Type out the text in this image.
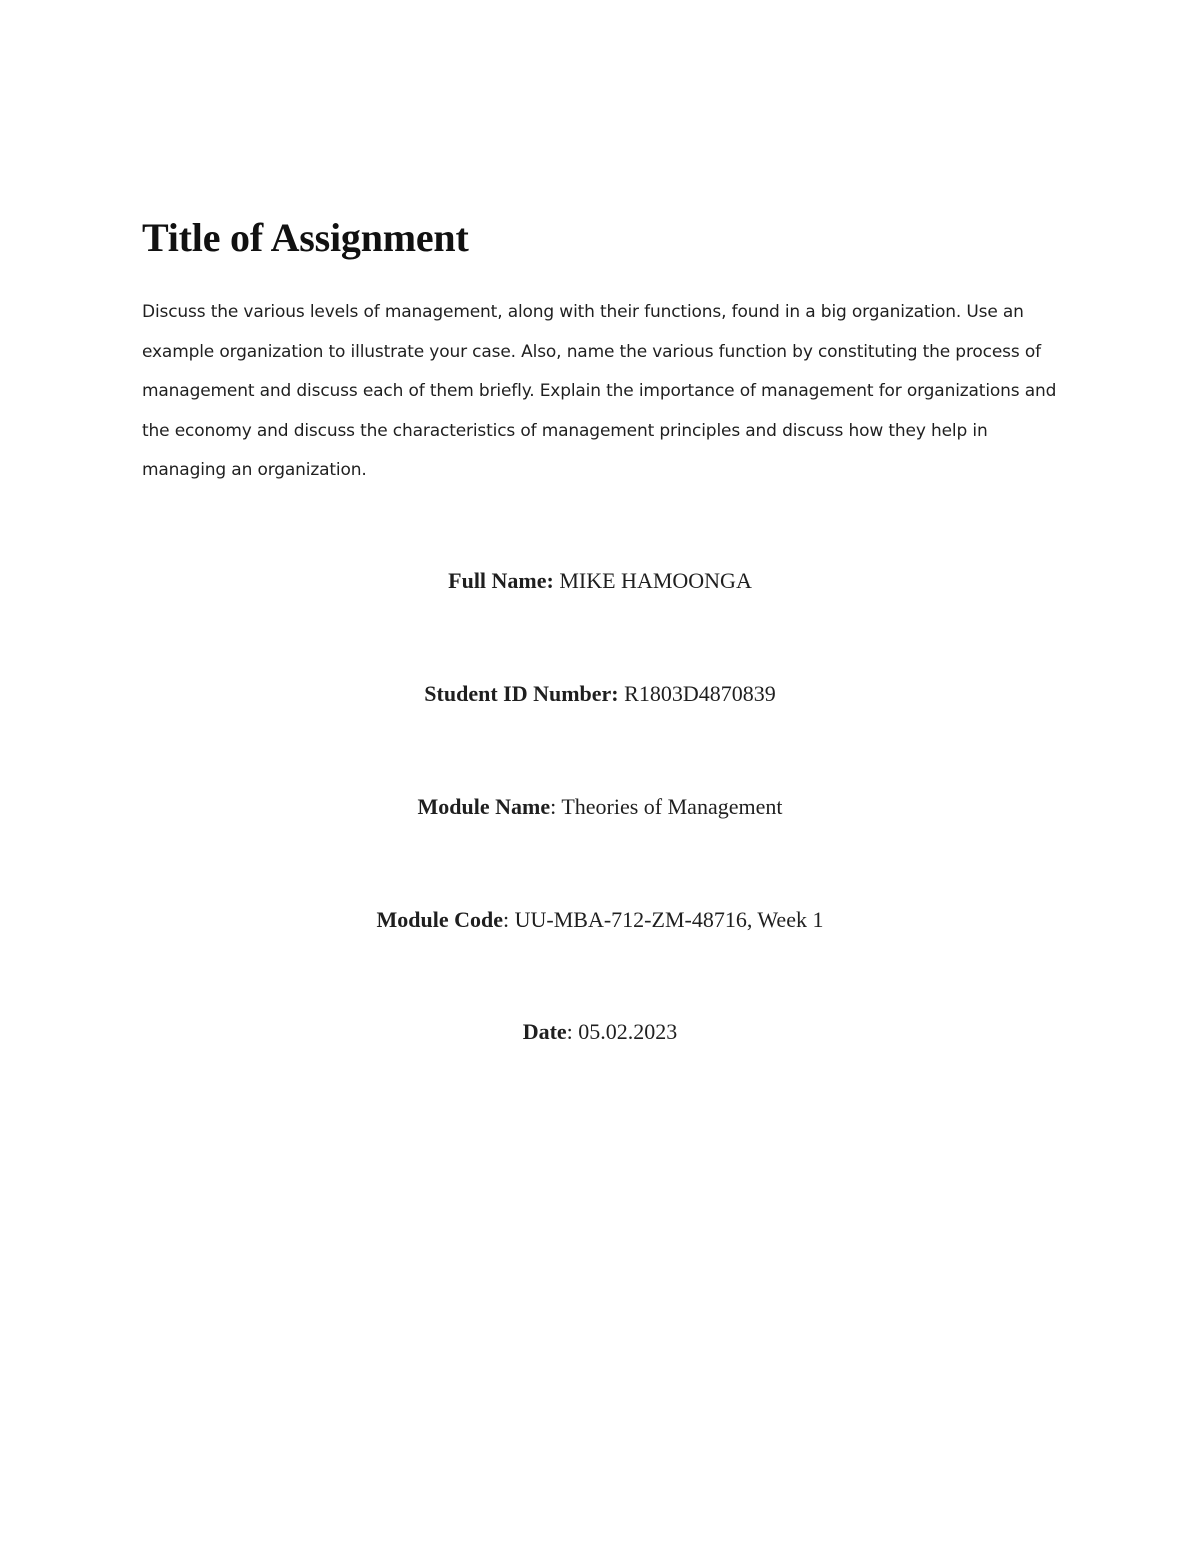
Title of Assignment

Discuss the various levels of management, along with their functions, found in a big organization. Use an example organization to illustrate your case. Also, name the various function by constituting the process of management and discuss each of them briefly. Explain the importance of management for organizations and the economy and discuss the characteristics of management principles and discuss how they help in managing an organization.

Full Name: MIKE HAMOONGA

Student ID Number: R1803D4870839

Module Name: Theories of Management

Module Code: UU-MBA-712-ZM-48716, Week 1

Date: 05.02.2023
